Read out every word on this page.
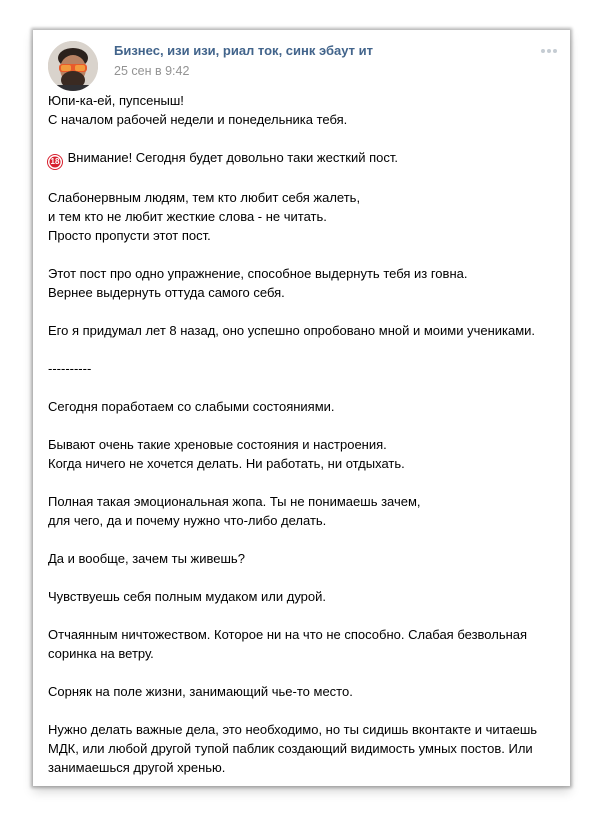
Бизнес, изи изи, риал ток, синк эбаут ит
25 сен в 9:42
Юпи-ка-ей, пупсеныш!
С началом рабочей недели и понедельника тебя.
18 Внимание! Сегодня будет довольно таки жесткий пост.
Слабонервным людям, тем кто любит себя жалеть,
и тем кто не любит жесткие слова - не читать.
Просто пропусти этот пост.
Этот пост про одно упражнение, способное выдернуть тебя из говна.
Вернее выдернуть оттуда самого себя.
Его я придумал лет 8 назад, оно успешно опробовано мной и моими учениками.
----------
Сегодня поработаем со слабыми состояниями.
Бывают очень такие хреновые состояния и настроения.
Когда ничего не хочется делать. Ни работать, ни отдыхать.
Полная такая эмоциональная жопа. Ты не понимаешь зачем,
для чего, да и почему нужно что-либо делать.
Да и вообще, зачем ты живешь?
Чувствуешь себя полным мудаком или дурой.
Отчаянным ничтожеством. Которое ни на что не способно. Слабая безвольная
соринка на ветру.
Сорняк на поле жизни, занимающий чье-то место.
Нужно делать важные дела, это необходимо, но ты сидишь вконтакте и читаешь
МДК, или любой другой тупой паблик создающий видимость умных постов. Или
занимаешься другой хренью.
